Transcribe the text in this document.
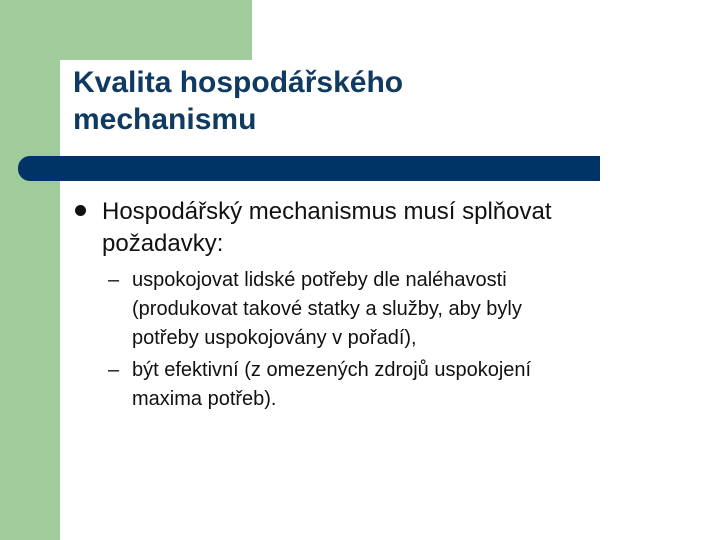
Kvalita hospodářského
mechanismu
Hospodářský mechanismus musí splňovat
požadavky:
– uspokojovat lidské potřeby dle naléhavosti
(produkovat takové statky a služby, aby byly
potřeby uspokojovány v pořadí),
– být efektivní (z omezených zdrojů uspokojení
maxima potřeb).
